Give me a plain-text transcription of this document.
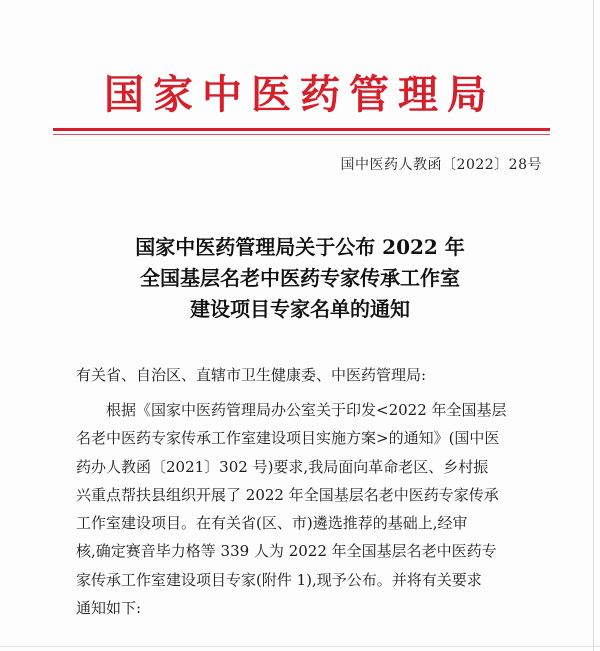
国家中医药管理局
国中医药人教函〔2022〕28号
国家中医药管理局关于公布 2022 年
全国基层名老中医药专家传承工作室
建设项目专家名单的通知
有关省、自治区、直辖市卫生健康委、中医药管理局:
根据《国家中医药管理局办公室关于印发<2022 年全国基层
名老中医药专家传承工作室建设项目实施方案>的通知》(国中医
药办人教函〔2021〕302 号)要求,我局面向革命老区、乡村振
兴重点帮扶县组织开展了 2022 年全国基层名老中医药专家传承
工作室建设项目。在有关省(区、市)遴选推荐的基础上,经审
核,确定赛音毕力格等 339 人为 2022 年全国基层名老中医药专
家传承工作室建设项目专家(附件 1),现予公布。并将有关要求
通知如下:
